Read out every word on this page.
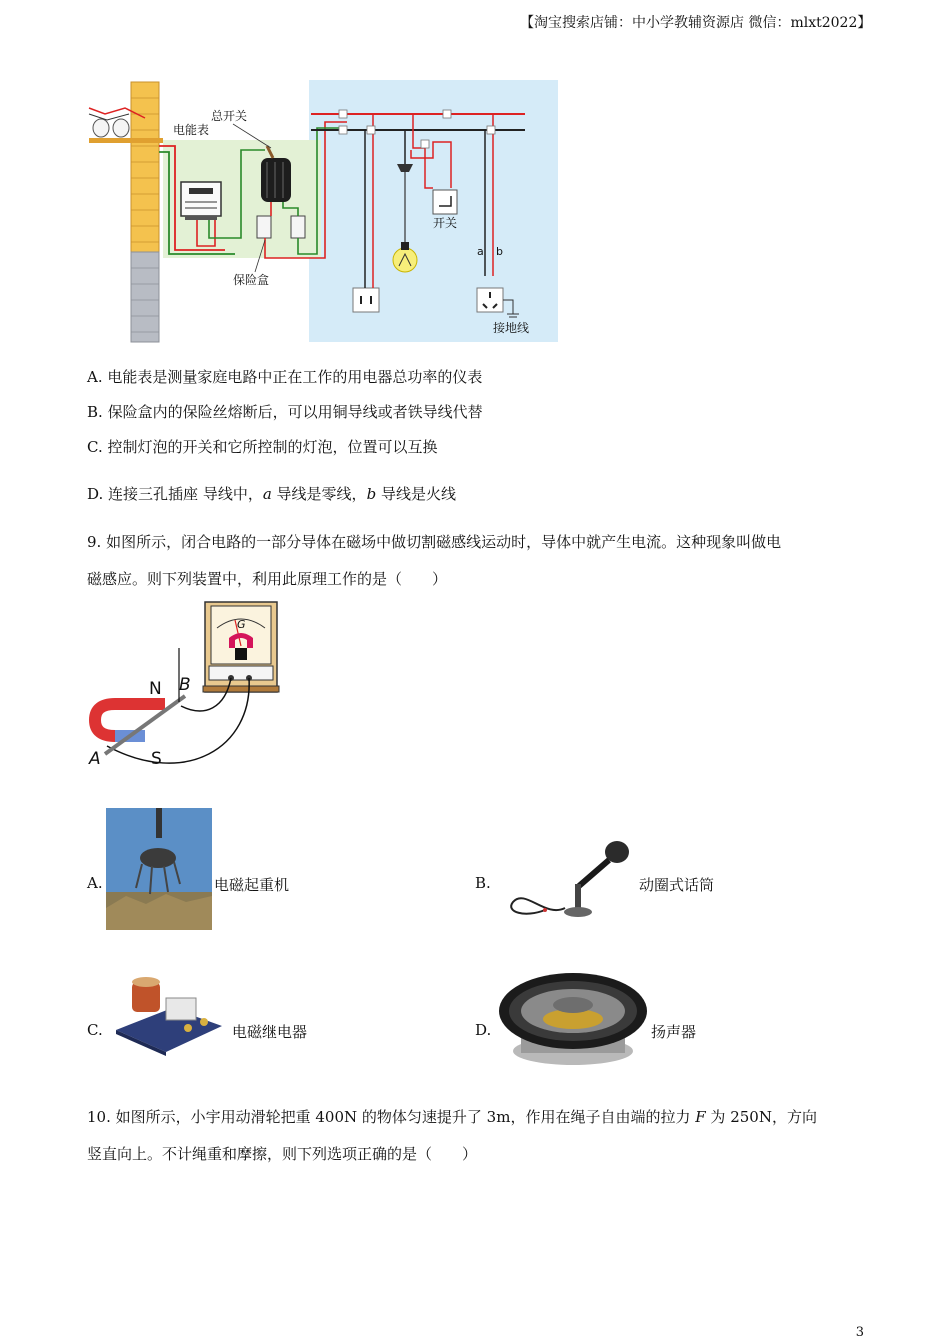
【淘宝搜索店铺：中小学教辅资源店 微信：mlxt2022】
电能表
总开关
保险盒
开关
a b
接地线
A. 电能表是测量家庭电路中正在工作的用电器总功率的仪表
B. 保险盒内的保险丝熔断后，可以用铜导线或者铁导线代替
C. 控制灯泡的开关和它所控制的灯泡，位置可以互换
D. 连接三孔插座 导线中，a 导线是零线，b 导线是火线
9. 如图所示，闭合电路的一部分导体在磁场中做切割磁感线运动时，导体中就产生电流。这种现象叫做电
磁感应。则下列装置中，利用此原理工作的是（　　）
G
N
S
A
B
A.	电磁起重机	B.	动圈式话筒
C.	电磁继电器	D.	扬声器
10. 如图所示，小宇用动滑轮把重 400N 的物体匀速提升了 3m，作用在绳子自由端的拉力 F 为 250N，方向
竖直向上。不计绳重和摩擦，则下列选项正确的是（　　）
3
